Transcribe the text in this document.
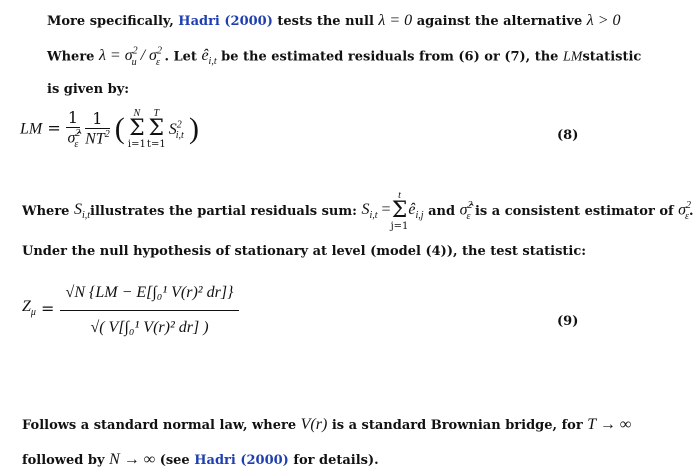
More specifically, Hadri (2000) tests the null λ = 0 against the alternative λ > 0
Where $\lambda = \sigma^2_u / \sigma^2_\varepsilon$ . Let $ê_{i,t}$ be the estimated residuals from (6) or (7), the LMstatistic
is given by:
LM = $\frac{1}{\sigmâ^2_\varepsilon}$
$\frac{1}{NT^2}$ ( N
Σ
i=1

T
Σ
t=1
$S^2_{i,t}$ )	(8)
Where
$S_{i,t}$ illustrates the partial residuals sum:
$S_{i,t}$ =
t
Σ
j=1
$ê_{i,j}$
and
σ̂$^2_\varepsilon$
is a consistent estimator of
$\sigma^2_\varepsilon$ .
Under the null hypothesis of stationary at level (model (4)), the test statistic:
$Z_\mu$
=
$\frac{\text{√N \{LM − E[∫₀¹ V(r)² dr]\}}}{\text{√( V[∫₀¹ V(r)² dr] )}}$	(9)
Follows a standard normal law, where V(r) is a standard Brownian bridge, for T → ∞
followed by N → ∞ (see Hadri (2000) for details).
